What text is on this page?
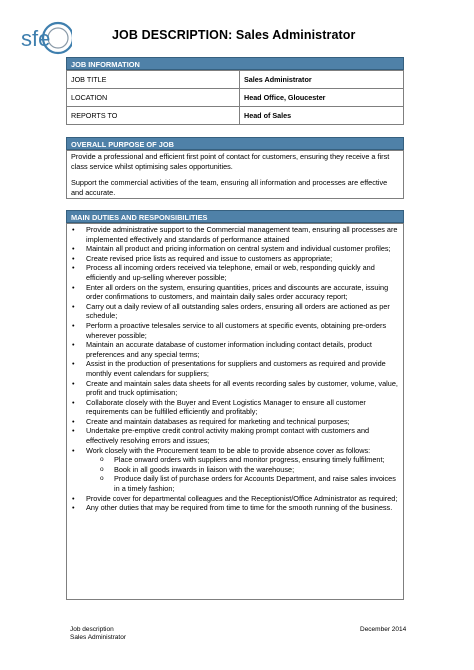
sfe	JOB DESCRIPTION: Sales Administrator
JOB INFORMATION
JOB TITLE	Sales Administrator
LOCATION	Head Office, Gloucester
REPORTS TO	Head of Sales
OVERALL PURPOSE OF JOB

Provide a professional and efficient first point of contact for customers, ensuring they receive a first class service whilst optimising sales opportunities.

Support the commercial activities of the team, ensuring all information and processes are effective and accurate.

MAIN DUTIES AND RESPONSIBILITIES
• Provide administrative support to the Commercial management team, ensuring all processes are implemented effectively and standards of performance attained
• Maintain all product and pricing information on central system and individual customer profiles;
• Create revised price lists as required and issue to customers as appropriate;
• Process all incoming orders received via telephone, email or web, responding quickly and efficiently and up-selling wherever possible;
• Enter all orders on the system, ensuring quantities, prices and discounts are accurate, issuing order confirmations to customers, and maintain daily sales order accuracy report;
• Carry out a daily review of all outstanding sales orders, ensuring all orders are actioned as per schedule;
• Perform a proactive telesales service to all customers at specific events, obtaining pre-orders wherever possible;
• Maintain an accurate database of customer information including contact details, product preferences and any special terms;
• Assist in the production of presentations for suppliers and customers as required and provide monthly event calendars for suppliers;
• Create and maintain sales data sheets for all events recording sales by customer, volume, value, profit and truck optimisation;
• Collaborate closely with the Buyer and Event Logistics Manager to ensure all customer requirements can be fulfilled efficiently and profitably;
• Create and maintain databases as required for marketing and technical purposes;
• Undertake pre-emptive credit control activity making prompt contact with customers and effectively resolving errors and issues;
• Work closely with the Procurement team to be able to provide absence cover as follows:
o Place onward orders with suppliers and monitor progress, ensuring timely fulfilment;
o Book in all goods inwards in liaison with the warehouse;
o Produce daily list of purchase orders for Accounts Department, and raise sales invoices in a timely fashion;
• Provide cover for departmental colleagues and the Receptionist/Office Administrator as required;
• Any other duties that may be required from time to time for the smooth running of the business.
Job description
Sales Administrator
December 2014
